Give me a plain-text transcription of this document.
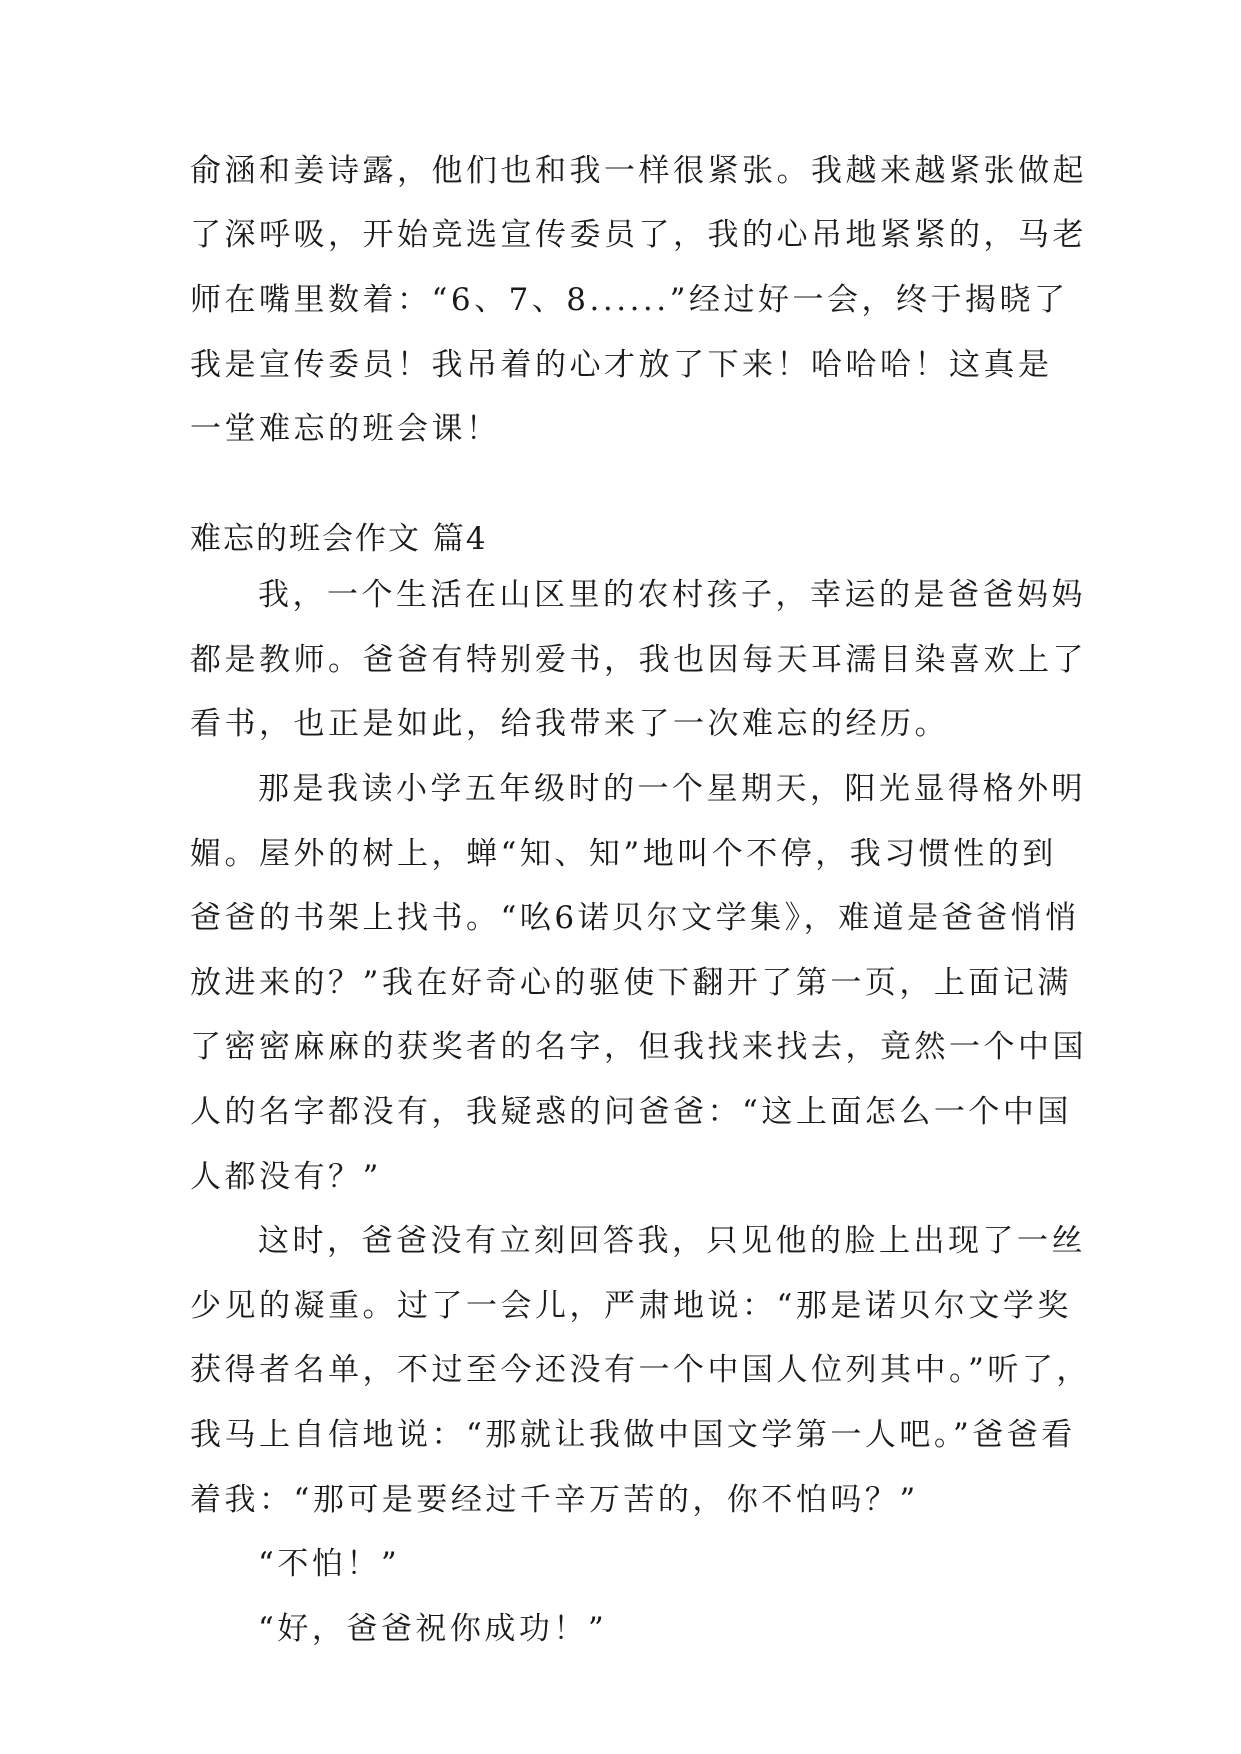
俞涵和姜诗露，他们也和我一样很紧张。我越来越紧张做起
了深呼吸，开始竞选宣传委员了，我的心吊地紧紧的，马老
师在嘴里数着：“6、7、8......”经过好一会，终于揭晓了
我是宣传委员！我吊着的心才放了下来！哈哈哈！这真是
一堂难忘的班会课！
难忘的班会作文 篇4
我，一个生活在山区里的农村孩子，幸运的是爸爸妈妈
都是教师。爸爸有特别爱书，我也因每天耳濡目染喜欢上了
看书，也正是如此，给我带来了一次难忘的经历。
那是我读小学五年级时的一个星期天，阳光显得格外明
媚。屋外的树上，蝉“知、知”地叫个不停，我习惯性的到
爸爸的书架上找书。“吆6诺贝尔文学集》，难道是爸爸悄悄
放进来的？”我在好奇心的驱使下翻开了第一页，上面记满
了密密麻麻的获奖者的名字，但我找来找去，竟然一个中国
人的名字都没有，我疑惑的问爸爸：“这上面怎么一个中国
人都没有？”
这时，爸爸没有立刻回答我，只见他的脸上出现了一丝
少见的凝重。过了一会儿，严肃地说：“那是诺贝尔文学奖
获得者名单，不过至今还没有一个中国人位列其中。”听了，
我马上自信地说：“那就让我做中国文学第一人吧。”爸爸看
着我：“那可是要经过千辛万苦的，你不怕吗？”
“不怕！”
“好，爸爸祝你成功！”
